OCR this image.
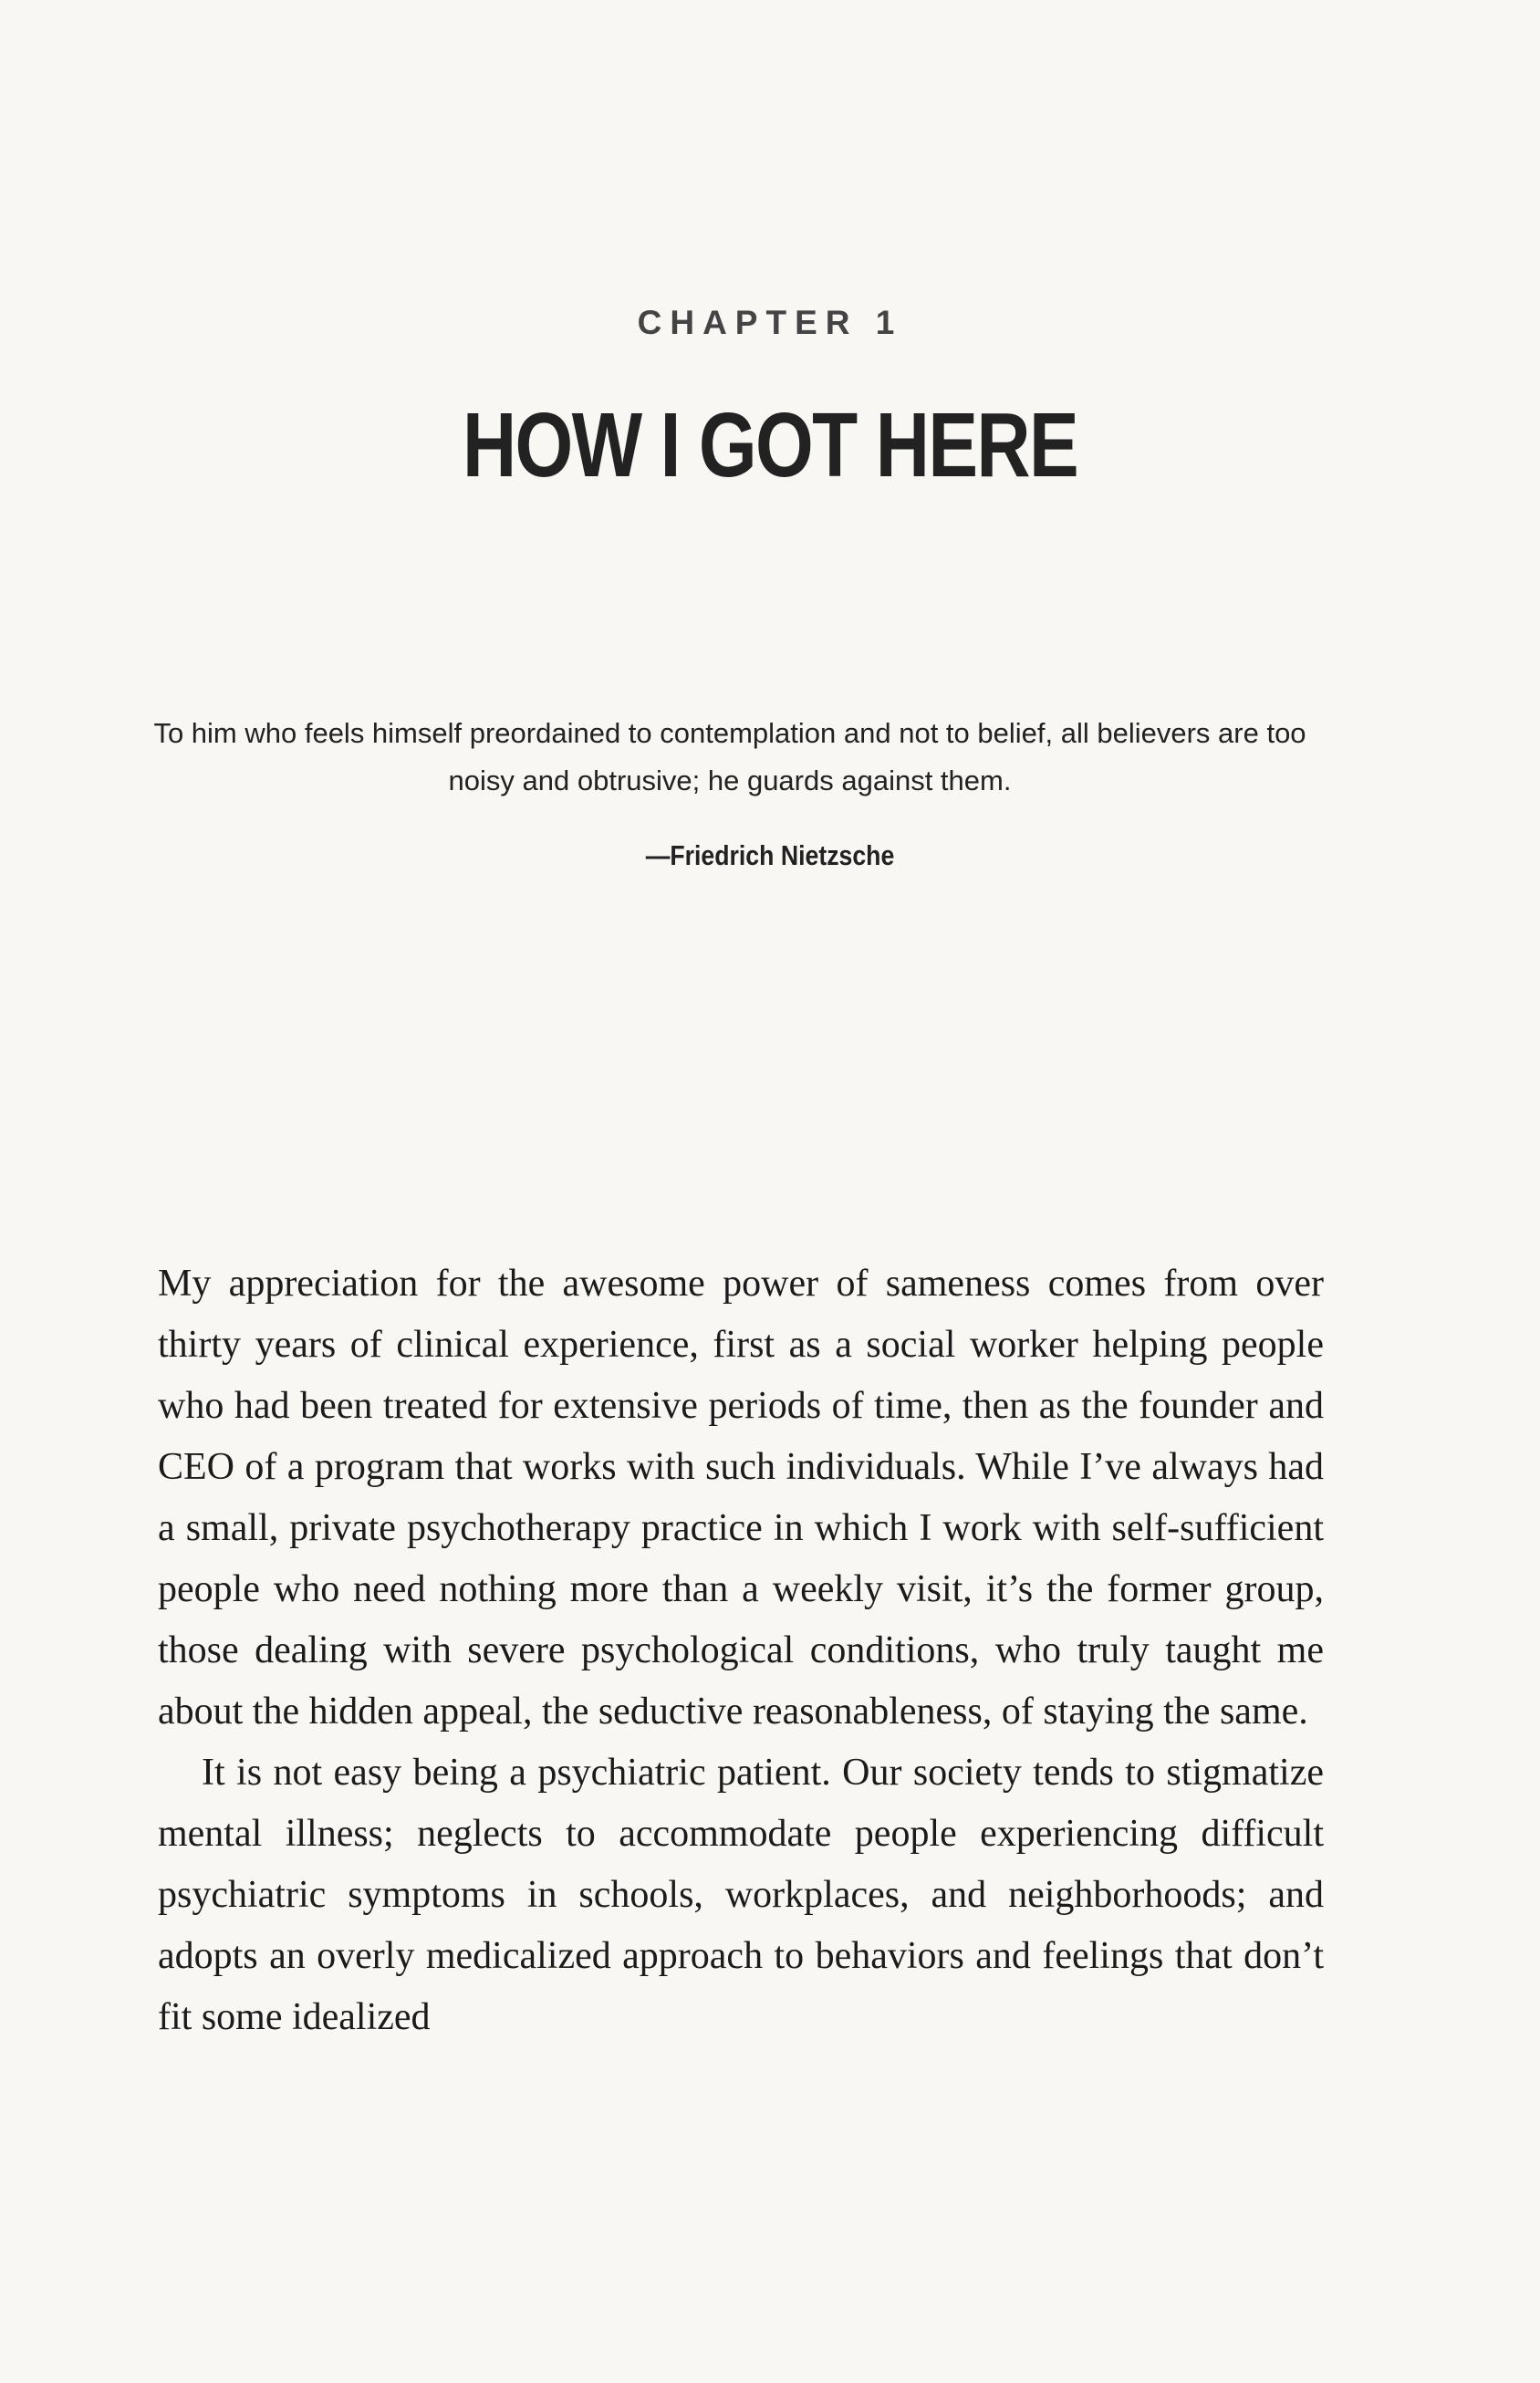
CHAPTER 1
HOW I GOT HERE
To him who feels himself preordained to contemplation and not to belief, all believers are too noisy and obtrusive; he guards against them.
—Friedrich Nietzsche

My appreciation for the awesome power of sameness comes from over thirty years of clinical experience, first as a social worker helping people who had been treated for extensive periods of time, then as the founder and CEO of a program that works with such individuals. While I’ve always had a small, private psychotherapy practice in which I work with self-sufficient people who need nothing more than a weekly visit, it’s the former group, those dealing with severe psychological conditions, who truly taught me about the hidden appeal, the seductive reasonableness, of staying the same.

It is not easy being a psychiatric patient. Our society tends to stigmatize mental illness; neglects to accommodate people experiencing difficult psychiatric symptoms in schools, workplaces, and neighborhoods; and adopts an overly medicalized approach to behaviors and feelings that don’t fit some idealized
